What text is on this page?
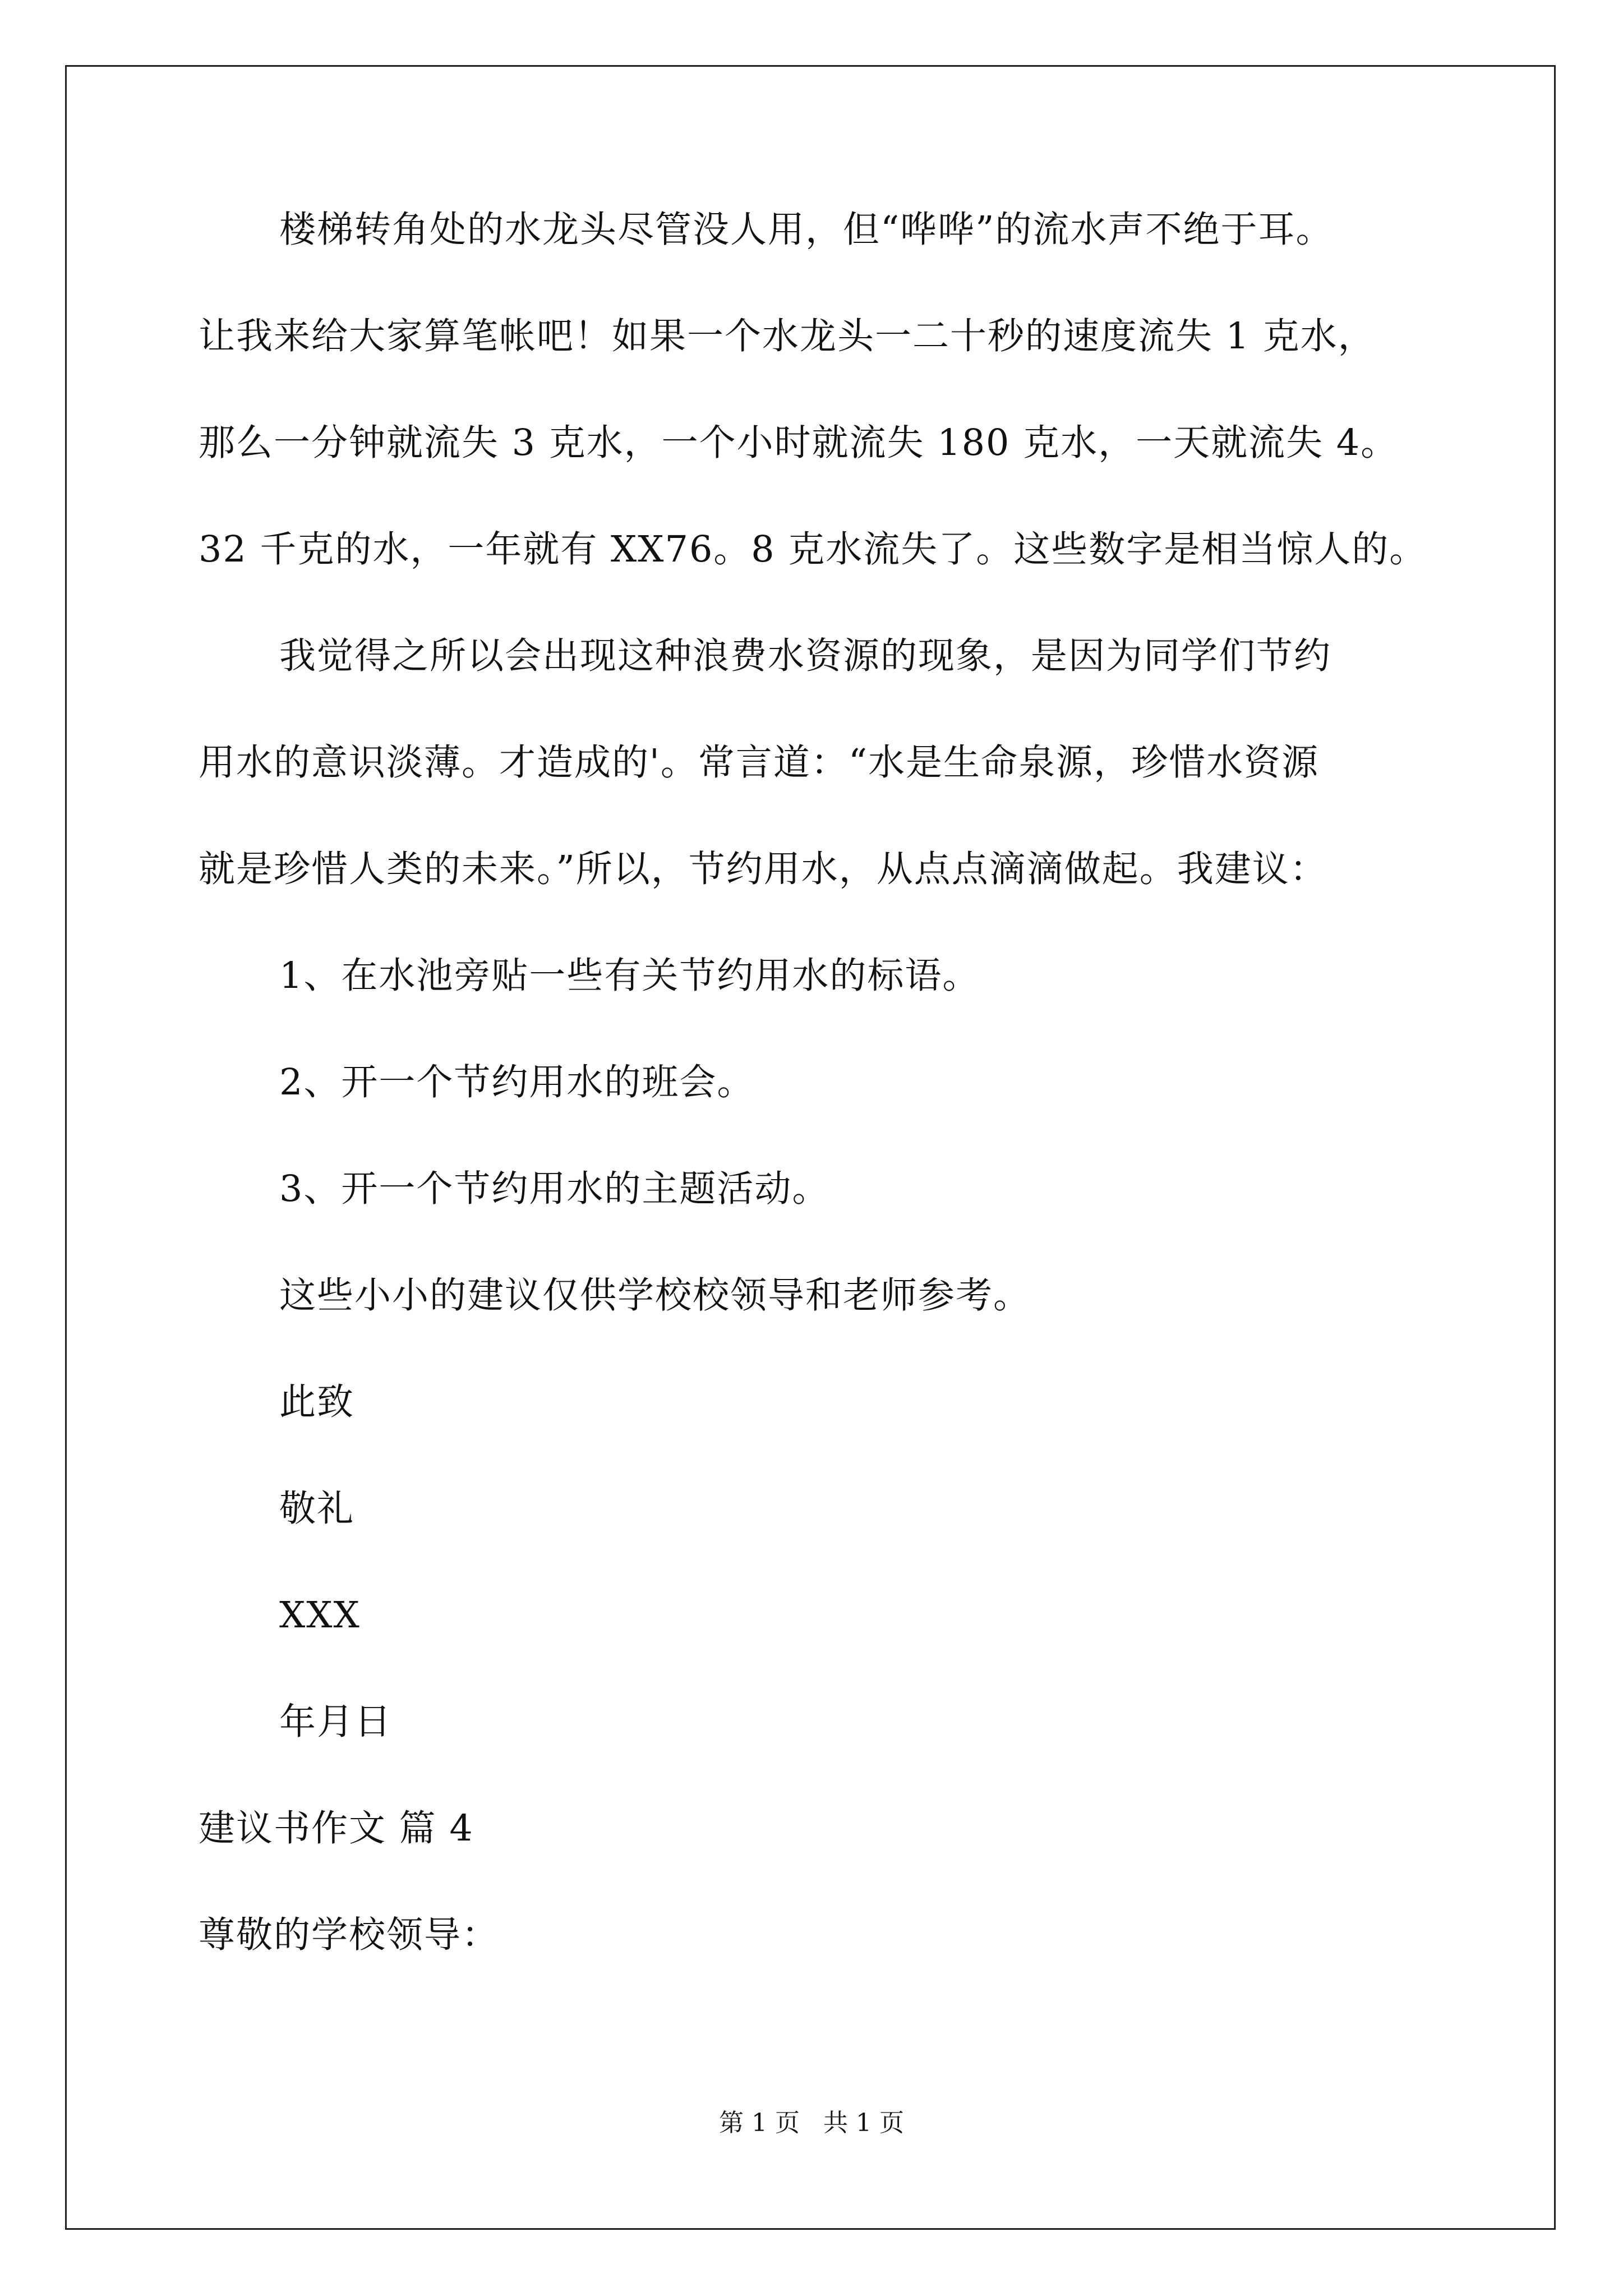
楼梯转角处的水龙头尽管没人用，但“哗哗”的流水声不绝于耳。
让我来给大家算笔帐吧！如果一个水龙头一二十秒的速度流失 1 克水，
那么一分钟就流失 3 克水，一个小时就流失 180 克水，一天就流失 4。
32 千克的水，一年就有 XX76。8 克水流失了。这些数字是相当惊人的。
我觉得之所以会出现这种浪费水资源的现象，是因为同学们节约
用水的意识淡薄。才造成的'。常言道：“水是生命泉源，珍惜水资源
就是珍惜人类的未来。”所以，节约用水，从点点滴滴做起。我建议：
1、在水池旁贴一些有关节约用水的标语。
2、开一个节约用水的班会。
3、开一个节约用水的主题活动。
这些小小的建议仅供学校校领导和老师参考。
此致
敬礼
XXX
年月日
建议书作文 篇 4
尊敬的学校领导：
第 1 页 共 1 页
